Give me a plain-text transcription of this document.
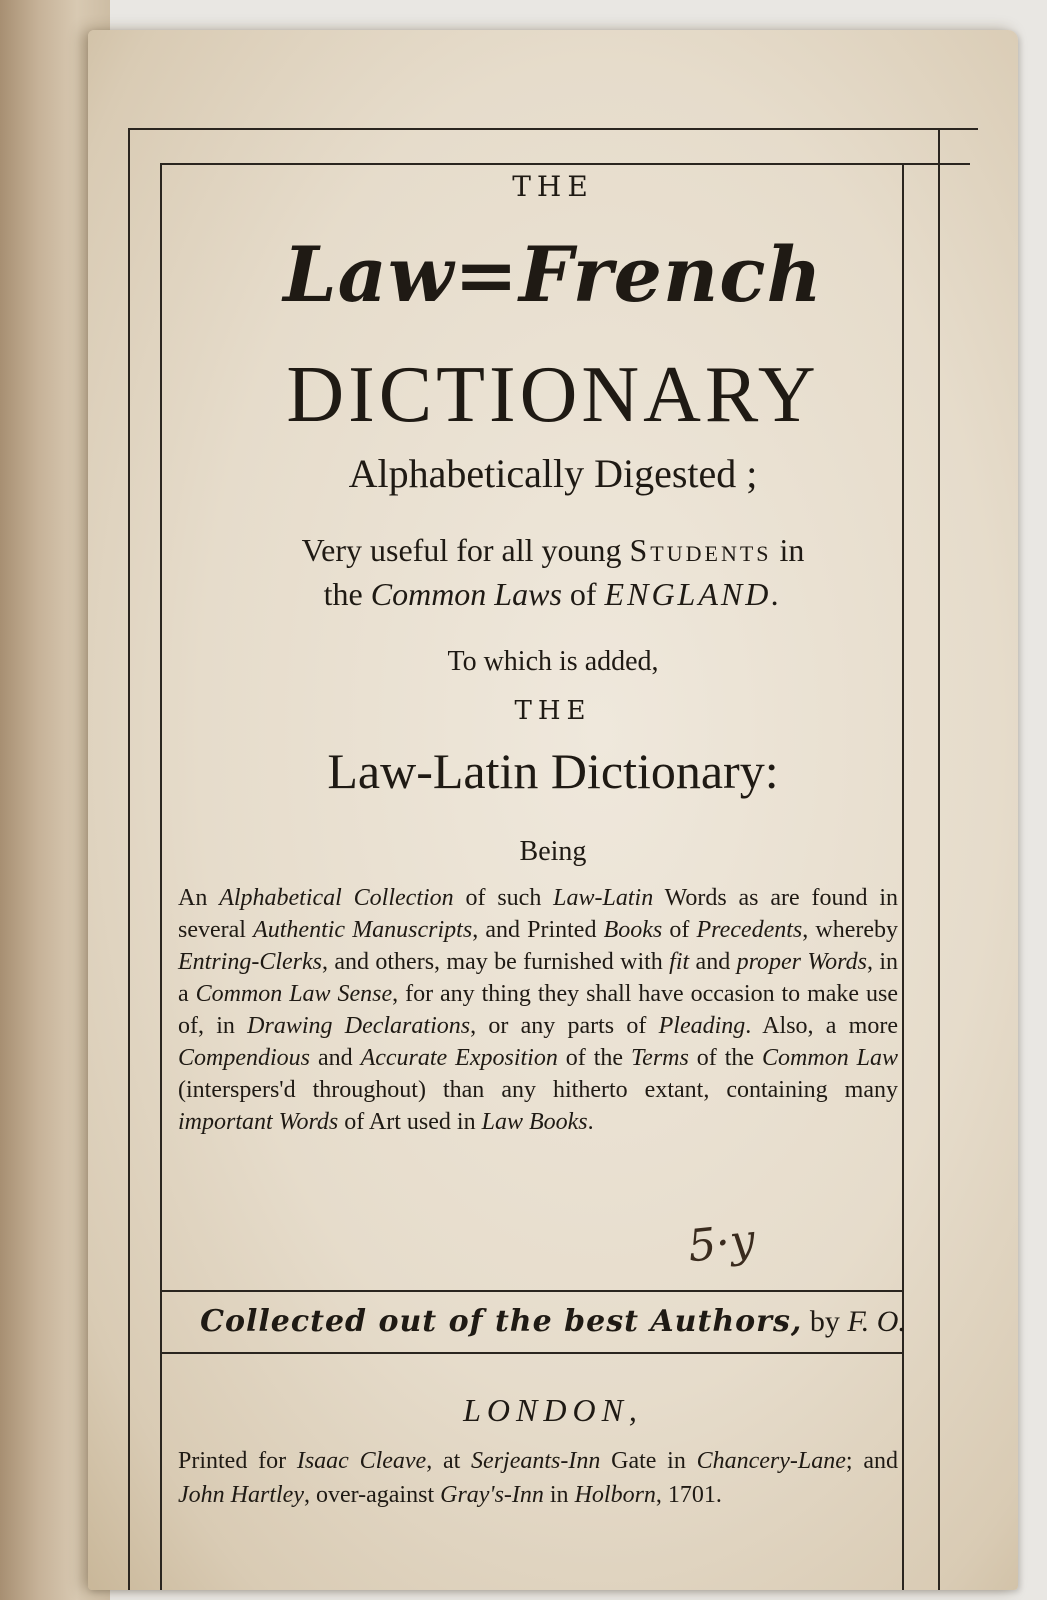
THE
Law=French
DICTIONARY
Alphabetically Digested ;
Very useful for all young Students in
the Common Laws of ENGLAND.
To which is added,
THE
Law-Latin Dictionary:
Being
An Alphabetical Collection of such Law-Latin Words as are found in several Authentic Manuscripts, and Printed Books of Precedents, whereby Entring-Clerks, and others, may be furnished with fit and proper Words, in a Common Law Sense, for any thing they shall have occasion to make use of, in Drawing Declarations, or any parts of Pleading. Also, a more Compendious and Accurate Exposition of the Terms of the Common Law (interspers'd throughout) than any hitherto extant, containing many important Words of Art used in Law Books.
5·y
Collected out of the best Authors, by F. O.
LONDON,
Printed for Isaac Cleave, at Serjeants-Inn Gate in Chancery-Lane; and John Hartley, over-against Gray's-Inn in Holborn, 1701.
